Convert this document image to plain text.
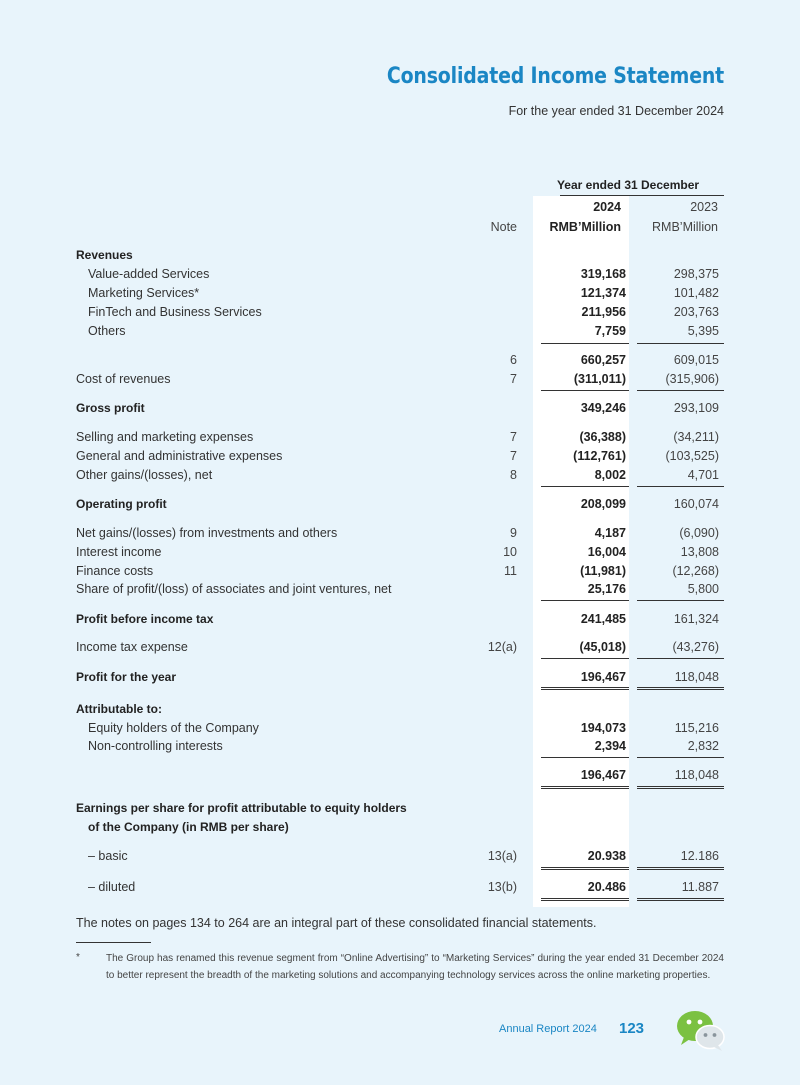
Consolidated Income Statement
For the year ended 31 December 2024
Year ended 31 December
2024	2023
Note	RMB’Million	RMB’Million
Revenues
Value-added Services	319,168	298,375
Marketing Services*	121,374	101,482
FinTech and Business Services	211,956	203,763
Others	7,759	5,395
6	660,257	609,015
Cost of revenues	7	(311,011)	(315,906)
Gross profit	349,246	293,109
Selling and marketing expenses	7	(36,388)	(34,211)
General and administrative expenses	7	(112,761)	(103,525)
Other gains/(losses), net	8	8,002	4,701
Operating profit	208,099	160,074
Net gains/(losses) from investments and others	9	4,187	(6,090)
Interest income	10	16,004	13,808
Finance costs	11	(11,981)	(12,268)
Share of profit/(loss) of associates and joint ventures, net	25,176	5,800
Profit before income tax	241,485	161,324
Income tax expense	12(a)	(45,018)	(43,276)
Profit for the year	196,467	118,048
Attributable to:
Equity holders of the Company	194,073	115,216
Non-controlling interests	2,394	2,832
196,467	118,048
Earnings per share for profit attributable to equity holders
of the Company (in RMB per share)
– basic	13(a)	20.938	12.186
– diluted	13(b)	20.486	11.887
The notes on pages 134 to 264 are an integral part of these consolidated financial statements.
*	The Group has renamed this revenue segment from “Online Advertising” to “Marketing Services” during the year ended 31 December 2024 to better represent the breadth of the marketing solutions and accompanying technology services across the online marketing properties.
Annual Report 2024 123
